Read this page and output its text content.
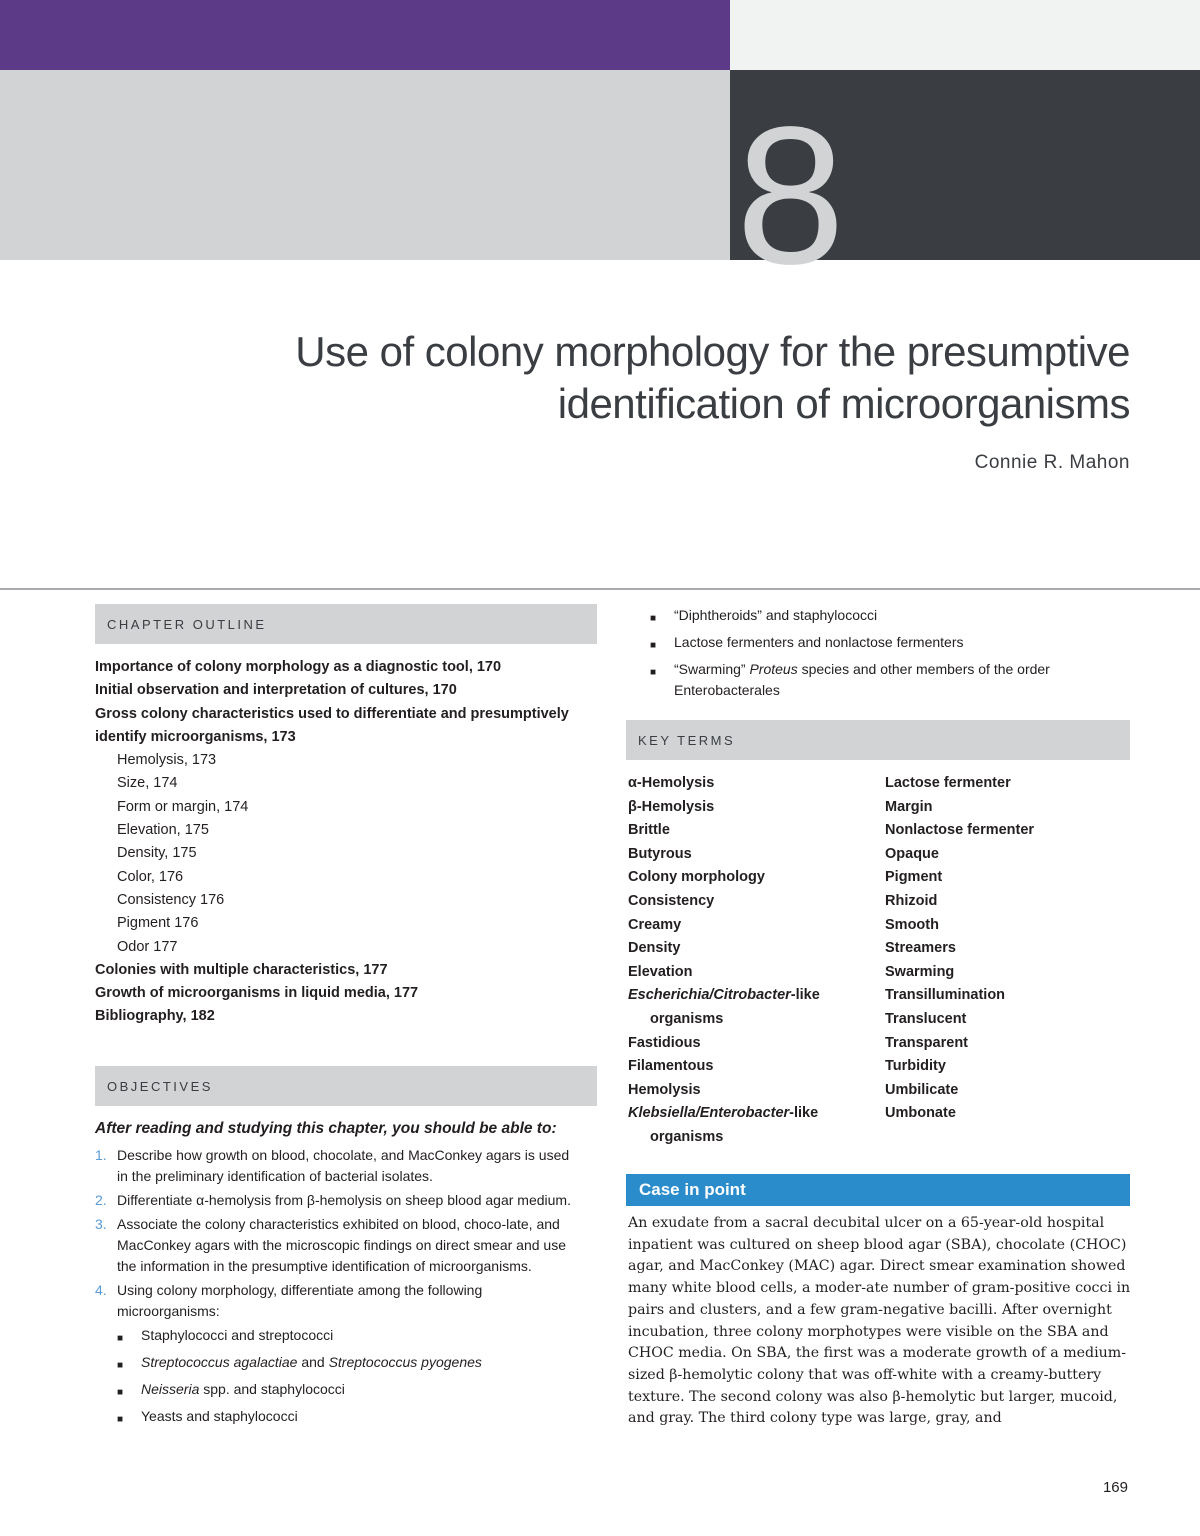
8
Use of colony morphology for the presumptive
identification of microorganisms
Connie R. Mahon
CHAPTER OUTLINE
Importance of colony morphology as a diagnostic tool, 170
Initial observation and interpretation of cultures, 170
Gross colony characteristics used to differentiate and presumptively
identify microorganisms, 173
Hemolysis, 173
Size, 174
Form or margin, 174
Elevation, 175
Density, 175
Color, 176
Consistency 176
Pigment 176
Odor 177
Colonies with multiple characteristics, 177
Growth of microorganisms in liquid media, 177
Bibliography, 182
OBJECTIVES
After reading and studying this chapter, you should be able to:
1. Describe how growth on blood, chocolate, and MacConkey agars is used in the preliminary identification of bacterial isolates.
2. Differentiate α-hemolysis from β-hemolysis on sheep blood agar medium.
3. Associate the colony characteristics exhibited on blood, choco-late, and MacConkey agars with the microscopic findings on direct smear and use the information in the presumptive identification of microorganisms.
4. Using colony morphology, differentiate among the following microorganisms:
■	Staphylococci and streptococci
■	Streptococcus agalactiae and Streptococcus pyogenes
■	Neisseria spp. and staphylococci
■	Yeasts and staphylococci
■	“Diphtheroids” and staphylococci
■	Lactose fermenters and nonlactose fermenters
■	“Swarming” Proteus species and other members of the order Enterobacterales
KEY TERMS
α-Hemolysis
β-Hemolysis
Brittle
Butyrous
Colony morphology
Consistency
Creamy
Density
Elevation
Escherichia/Citrobacter-like
organisms
Fastidious
Filamentous
Hemolysis
Klebsiella/Enterobacter-like
organisms
Lactose fermenter
Margin
Nonlactose fermenter
Opaque
Pigment
Rhizoid
Smooth
Streamers
Swarming
Transillumination
Translucent
Transparent
Turbidity
Umbilicate
Umbonate
Case in point
An exudate from a sacral decubital ulcer on a 65-year-old hospital inpatient was cultured on sheep blood agar (SBA), chocolate (CHOC) agar, and MacConkey (MAC) agar. Direct smear examination showed many white blood cells, a moder-ate number of gram-positive cocci in pairs and clusters, and a few gram-negative bacilli. After overnight incubation, three colony morphotypes were visible on the SBA and CHOC media. On SBA, the first was a moderate growth of a medium-sized β-hemolytic colony that was off-white with a creamy-buttery texture. The second colony was also β-hemolytic but larger, mucoid, and gray. The third colony type was large, gray, and
169
